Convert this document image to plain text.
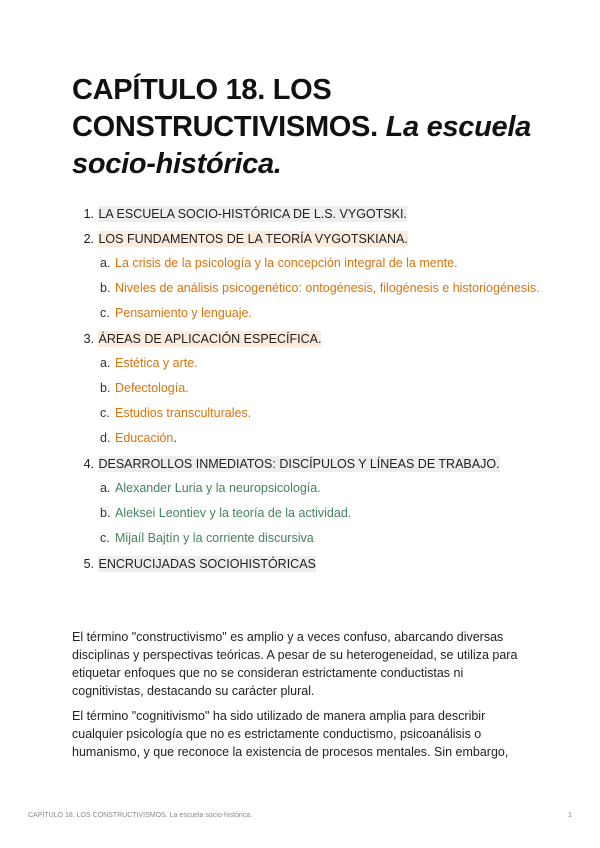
CAPÍTULO 18. LOS CONSTRUCTIVISMOS. La escuela socio-histórica.
1. LA ESCUELA SOCIO-HISTÓRICA DE L.S. VYGOTSKI.
2. LOS FUNDAMENTOS DE LA TEORÍA VYGOTSKIANA.
a. La crisis de la psicología y la concepción integral de la mente.
b. Niveles de análisis psicogenético: ontogénesis, filogénesis e historiogénesis.
c. Pensamiento y lenguaje.
3. ÁREAS DE APLICACIÓN ESPECÍFICA.
a. Estética y arte.
b. Defectología.
c. Estudios transculturales.
d. Educación.
4. DESARROLLOS INMEDIATOS: DISCÍPULOS Y LÍNEAS DE TRABAJO.
a. Alexander Luria y la neuropsicología.
b. Aleksei Leontiev y la teoría de la actividad.
c. Mijaíl Bajtín y la corriente discursiva
5. ENCRUCIJADAS SOCIOHISTÓRICAS

El término "constructivismo" es amplio y a veces confuso, abarcando diversas disciplinas y perspectivas teóricas. A pesar de su heterogeneidad, se utiliza para etiquetar enfoques que no se consideran estrictamente conductistas ni cognitivistas, destacando su carácter plural.

El término "cognitivismo" ha sido utilizado de manera amplia para describir cualquier psicología que no es estrictamente conductismo, psicoanálisis o humanismo, y que reconoce la existencia de procesos mentales. Sin embargo,

CAPÍTULO 18. LOS CONSTRUCTIVISMOS. La escuela socio-histórica.	1
